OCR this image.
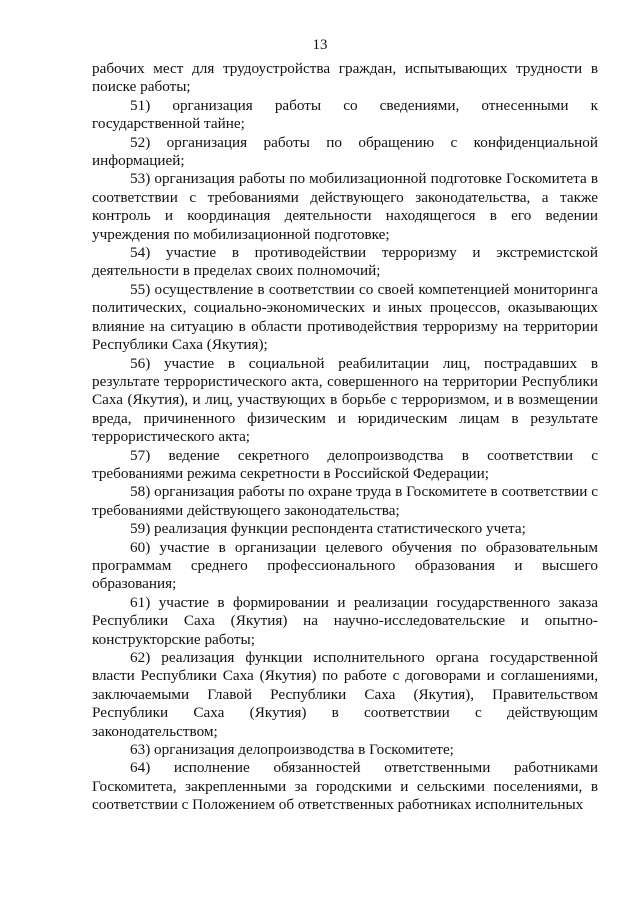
13

рабочих мест для трудоустройства граждан, испытывающих трудности в поиске работы;

51) организация работы со сведениями, отнесенными к государственной тайне;

52) организация работы по обращению с конфиденциальной информацией;

53) организация работы по мобилизационной подготовке Госкомитета в соответствии с требованиями действующего законодательства, а также контроль и координация деятельности находящегося в его ведении учреждения по мобилизационной подготовке;

54) участие в противодействии терроризму и экстремистской деятельности в пределах своих полномочий;

55) осуществление в соответствии со своей компетенцией мониторинга политических, социально-экономических и иных процессов, оказывающих влияние на ситуацию в области противодействия терроризму на территории Республики Саха (Якутия);

56) участие в социальной реабилитации лиц, пострадавших в результате террористического акта, совершенного на территории Республики Саха (Якутия), и лиц, участвующих в борьбе с терроризмом, и в возмещении вреда, причиненного физическим и юридическим лицам в результате террористического акта;

57) ведение секретного делопроизводства в соответствии с требованиями режима секретности в Российской Федерации;

58) организация работы по охране труда в Госкомитете в соответствии с требованиями действующего законодательства;

59) реализация функции респондента статистического учета;

60) участие в организации целевого обучения по образовательным программам среднего профессионального образования и высшего образования;

61) участие в формировании и реализации государственного заказа Республики Саха (Якутия) на научно-исследовательские и опытно-конструкторские работы;

62) реализация функции исполнительного органа государственной власти Республики Саха (Якутия) по работе с договорами и соглашениями, заключаемыми Главой Республики Саха (Якутия), Правительством Республики Саха (Якутия) в соответствии с действующим законодательством;

63) организация делопроизводства в Госкомитете;

64) исполнение обязанностей ответственными работниками Госкомитета, закрепленными за городскими и сельскими поселениями, в соответствии с Положением об ответственных работниках исполнительных
